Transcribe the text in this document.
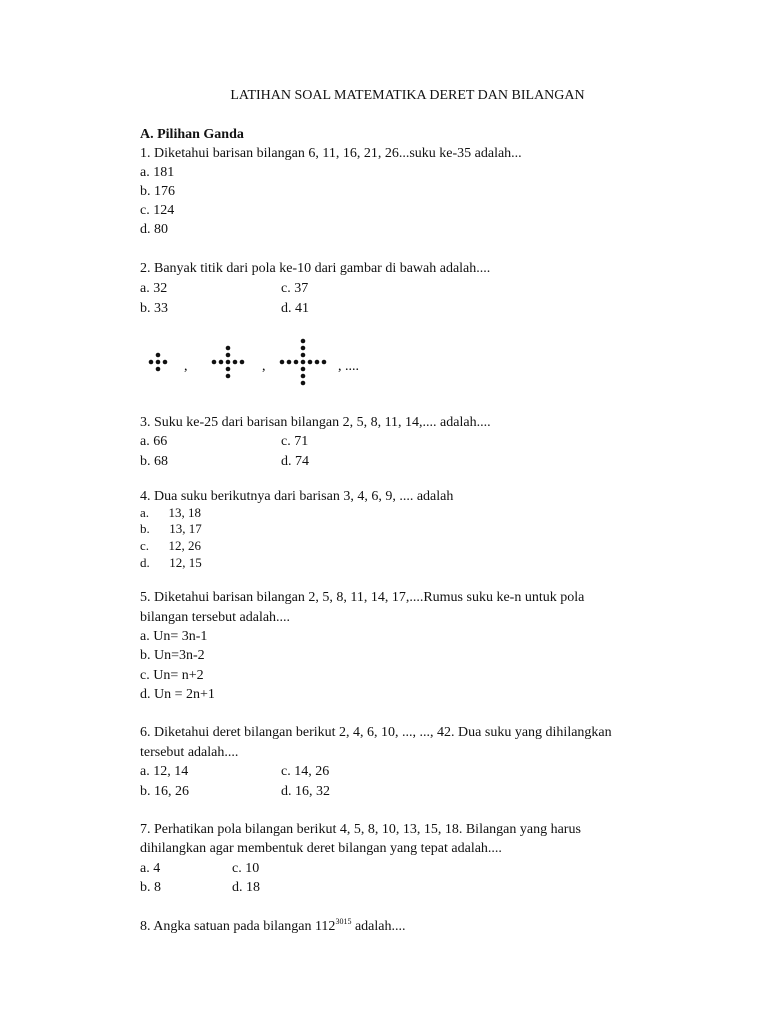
LATIHAN SOAL MATEMATIKA DERET DAN BILANGAN
A. Pilihan Ganda
1. Diketahui barisan bilangan 6, 11, 16, 21, 26...suku ke-35 adalah...
a. 181
b. 176
c. 124
d. 80
2. Banyak titik dari pola ke-10 dari gambar di bawah adalah....
a. 32	c. 37
b. 33	d. 41
,	,	, ....
3. Suku ke-25 dari barisan bilangan 2, 5, 8, 11, 14,.... adalah....
a. 66	c. 71
b. 68	d. 74
4. Dua suku berikutnya dari barisan 3, 4, 6, 9, .... adalah
a.      13, 18
b.      13, 17
c.      12, 26
d.      12, 15
5. Diketahui barisan bilangan 2, 5, 8, 11, 14, 17,....Rumus suku ke-n untuk pola
bilangan tersebut adalah....
a. Un= 3n-1
b. Un=3n-2
c. Un= n+2
d. Un = 2n+1
6. Diketahui deret bilangan berikut 2, 4, 6, 10, ..., ..., 42. Dua suku yang dihilangkan
tersebut adalah....
a. 12, 14	c. 14, 26
b. 16, 26	d. 16, 32
7. Perhatikan pola bilangan berikut 4, 5, 8, 10, 13, 15, 18. Bilangan yang harus
dihilangkan agar membentuk deret bilangan yang tepat adalah....
a. 4	c. 10
b. 8	d. 18
8. Angka satuan pada bilangan $112^{3015}$ adalah....
